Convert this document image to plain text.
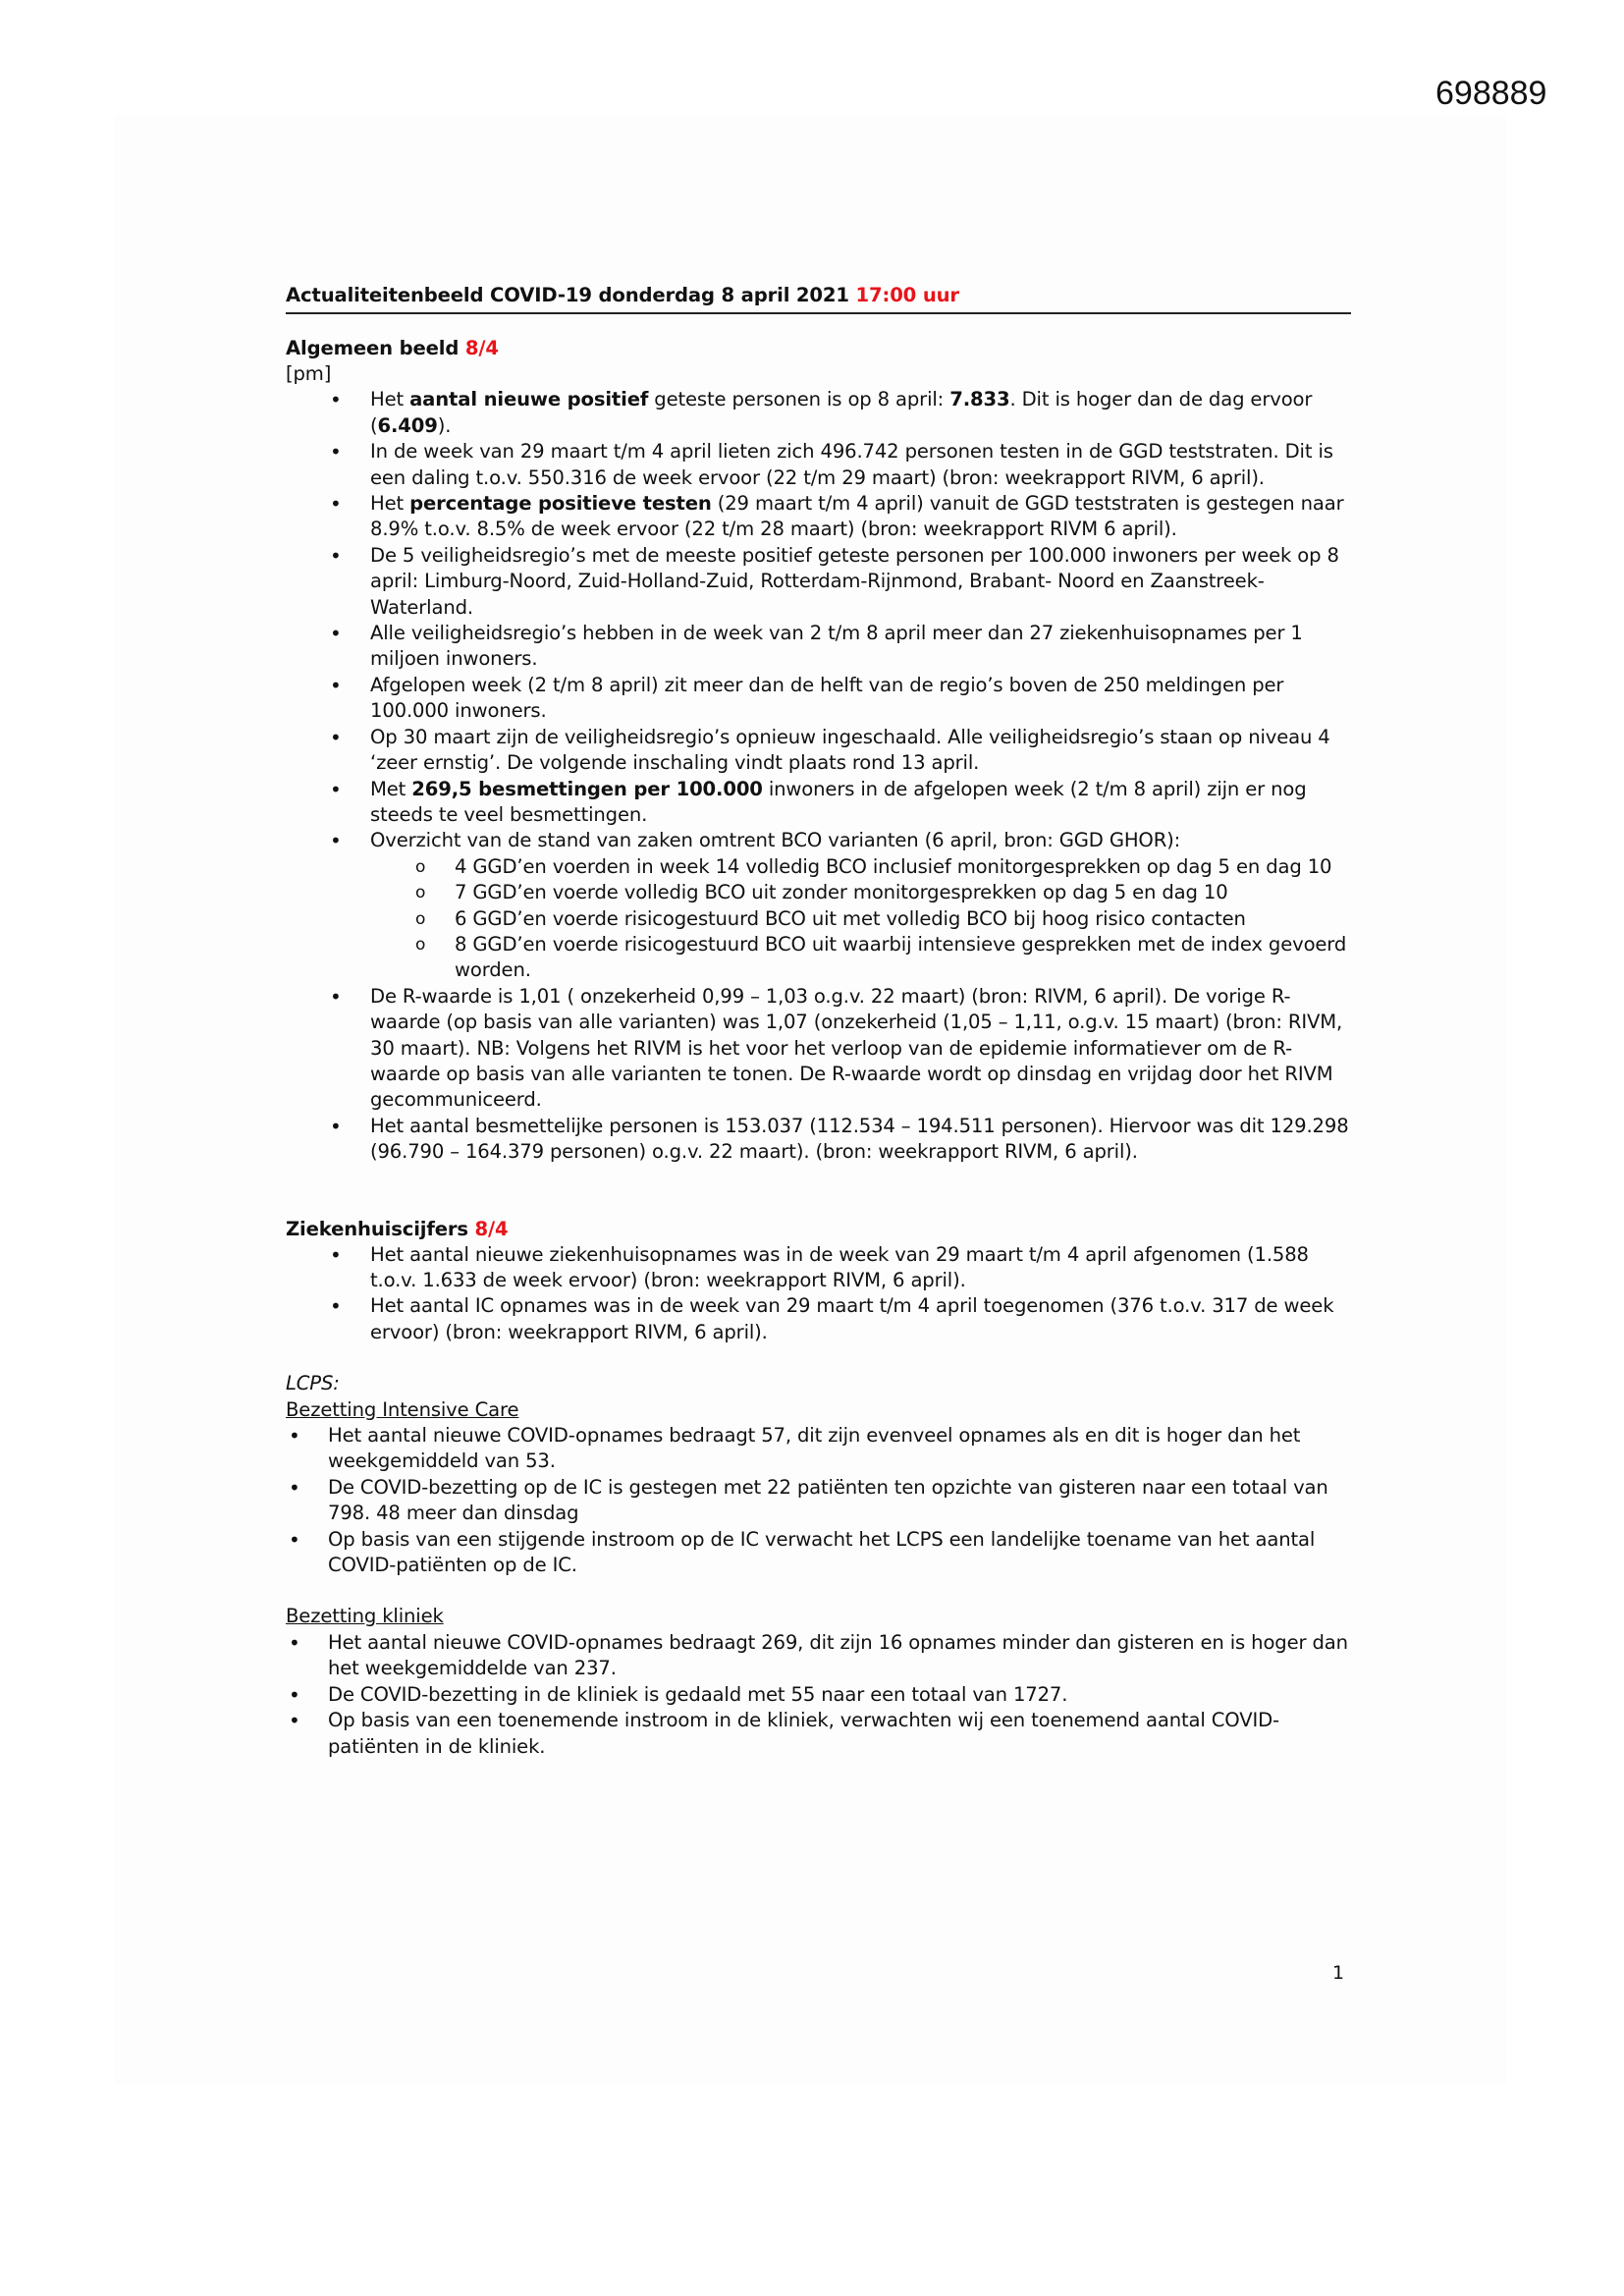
698889
Actualiteitenbeeld COVID-19 donderdag 8 april 2021 17:00 uur
Algemeen beeld 8/4
[pm]
• Het aantal nieuwe positief geteste personen is op 8 april: 7.833. Dit is hoger dan de dag ervoor (6.409).
• In de week van 29 maart t/m 4 april lieten zich 496.742 personen testen in de GGD teststraten. Dit is een daling t.o.v. 550.316 de week ervoor (22 t/m 29 maart) (bron: weekrapport RIVM, 6 april).
• Het percentage positieve testen (29 maart t/m 4 april) vanuit de GGD teststraten is gestegen naar 8.9% t.o.v. 8.5% de week ervoor (22 t/m 28 maart) (bron: weekrapport RIVM 6 april).
• De 5 veiligheidsregio’s met de meeste positief geteste personen per 100.000 inwoners per week op 8 april: Limburg-Noord, Zuid-Holland-Zuid, Rotterdam-Rijnmond, Brabant- Noord en Zaanstreek-Waterland.
• Alle veiligheidsregio’s hebben in de week van 2 t/m 8 april meer dan 27 ziekenhuisopnames per 1 miljoen inwoners.
• Afgelopen week (2 t/m 8 april) zit meer dan de helft van de regio’s boven de 250 meldingen per 100.000 inwoners.
• Op 30 maart zijn de veiligheidsregio’s opnieuw ingeschaald. Alle veiligheidsregio’s staan op niveau 4 ‘zeer ernstig’. De volgende inschaling vindt plaats rond 13 april.
• Met 269,5 besmettingen per 100.000 inwoners in de afgelopen week (2 t/m 8 april) zijn er nog steeds te veel besmettingen.
• Overzicht van de stand van zaken omtrent BCO varianten (6 april, bron: GGD GHOR):
o 4 GGD’en voerden in week 14 volledig BCO inclusief monitorgesprekken op dag 5 en dag 10
o 7 GGD’en voerde volledig BCO uit zonder monitorgesprekken op dag 5 en dag 10
o 6 GGD’en voerde risicogestuurd BCO uit met volledig BCO bij hoog risico contacten
o 8 GGD’en voerde risicogestuurd BCO uit waarbij intensieve gesprekken met de index gevoerd worden.
• De R-waarde is 1,01 ( onzekerheid 0,99 – 1,03 o.g.v. 22 maart) (bron: RIVM, 6 april). De vorige R-waarde (op basis van alle varianten) was 1,07 (onzekerheid (1,05 – 1,11, o.g.v. 15 maart) (bron: RIVM, 30 maart). NB: Volgens het RIVM is het voor het verloop van de epidemie informatiever om de R-waarde op basis van alle varianten te tonen. De R-waarde wordt op dinsdag en vrijdag door het RIVM gecommuniceerd.
• Het aantal besmettelijke personen is 153.037 (112.534 – 194.511 personen). Hiervoor was dit 129.298 (96.790 – 164.379 personen) o.g.v. 22 maart). (bron: weekrapport RIVM, 6 april).
Ziekenhuiscijfers 8/4
• Het aantal nieuwe ziekenhuisopnames was in de week van 29 maart t/m 4 april afgenomen (1.588 t.o.v. 1.633 de week ervoor) (bron: weekrapport RIVM, 6 april).
• Het aantal IC opnames was in de week van 29 maart t/m 4 april toegenomen (376 t.o.v. 317 de week ervoor) (bron: weekrapport RIVM, 6 april).
LCPS:
Bezetting Intensive Care
• Het aantal nieuwe COVID-opnames bedraagt 57, dit zijn evenveel opnames als en dit is hoger dan het weekgemiddeld van 53.
• De COVID-bezetting op de IC is gestegen met 22 patiënten ten opzichte van gisteren naar een totaal van 798. 48 meer dan dinsdag
• Op basis van een stijgende instroom op de IC verwacht het LCPS een landelijke toename van het aantal COVID-patiënten op de IC.
Bezetting kliniek
• Het aantal nieuwe COVID-opnames bedraagt 269, dit zijn 16 opnames minder dan gisteren en is hoger dan het weekgemiddelde van 237.
• De COVID-bezetting in de kliniek is gedaald met 55 naar een totaal van 1727.
• Op basis van een toenemende instroom in de kliniek, verwachten wij een toenemend aantal COVID-patiënten in de kliniek.
1
